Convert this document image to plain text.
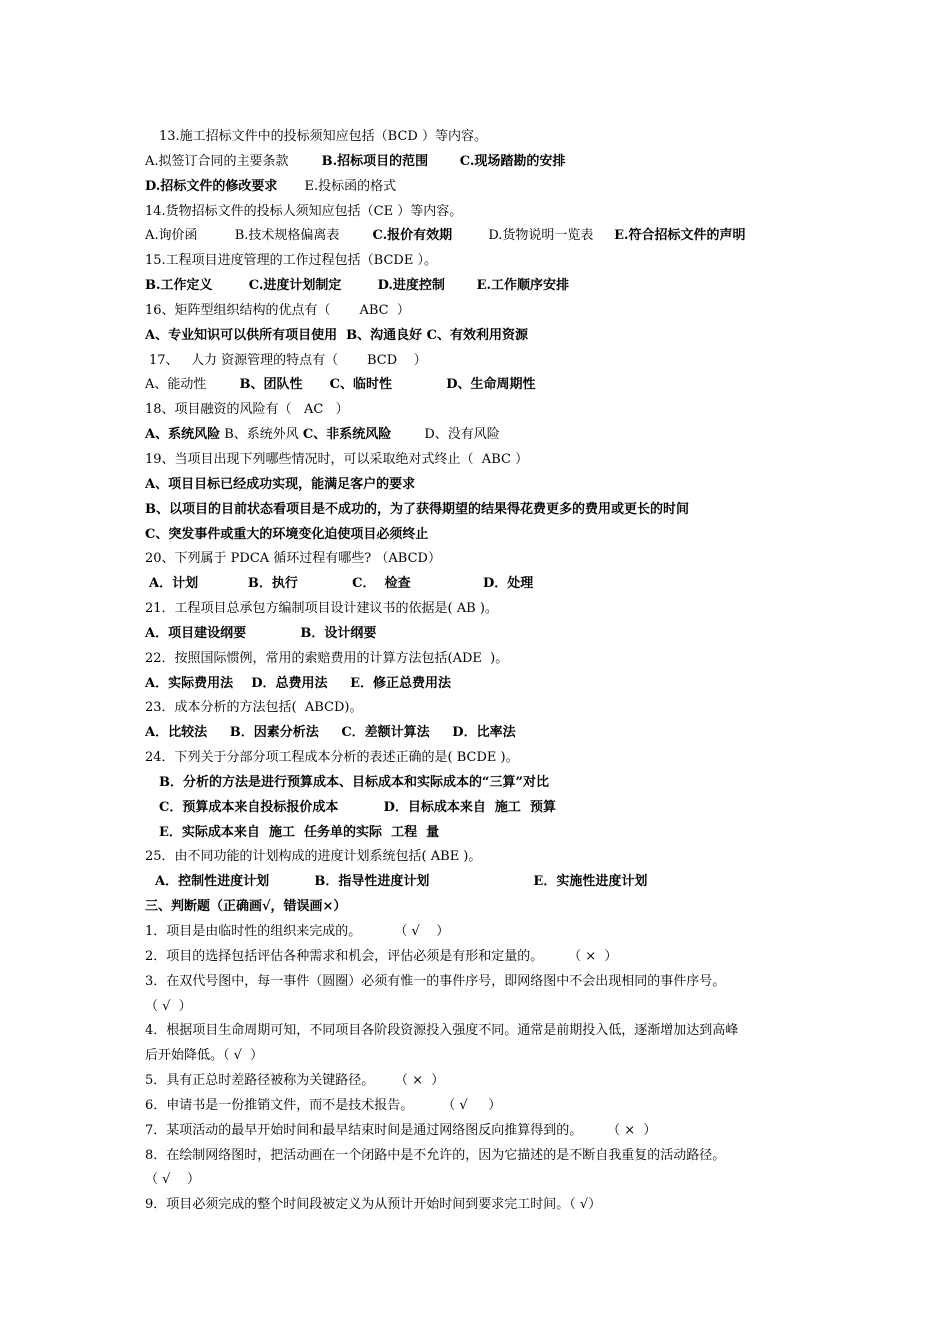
13.施工招标文件中的投标须知应包括（BCD ）等内容。
A.拟签订合同的主要条款        B.招标项目的范围       C.现场踏勘的安排
D.招标文件的修改要求      E.投标函的格式
14.货物招标文件的投标人须知应包括（CE ）等内容。
A.询价函         B.技术规格偏离表        C.报价有效期        D.货物说明一览表     E.符合招标文件的声明
15.工程项目进度管理的工作过程包括（BCDE ）。
B.工作定义        C.进度计划制定        D.进度控制       E.工作顺序安排
16、矩阵型组织结构的优点有（       ABC  ）
A、专业知识可以供所有项目使用  B、沟通良好 C、有效利用资源
17、   人力 资源管理的特点有（       BCD    ）
A、能动性        B、团队性      C、临时性            D、生命周期性
18、项目融资的风险有（   AC   ）
A、系统风险 B、系统外风 C、非系统风险        D、没有风险
19、当项目出现下列哪些情况时，可以采取绝对式终止（  ABC ）
A、项目目标已经成功实现，能满足客户的要求
B、以项目的目前状态看项目是不成功的，为了获得期望的结果得花费更多的费用或更长的时间
C、突发事件或重大的环境变化迫使项目必须终止
20、下列属于 PDCA 循环过程有哪些? （ABCD）
A．计划           B．执行            C．  检查                D．处理
21．工程项目总承包方编制项目设计建议书的依据是( AB )。
A．项目建设纲要            B．设计纲要
22．按照国际惯例，常用的索赔费用的计算方法包括(ADE  )。
A．实际费用法    D．总费用法     E．修正总费用法
23．成本分析的方法包括(  ABCD)。
A．比较法     B．因素分析法     C．差额计算法     D．比率法
24．下列关于分部分项工程成本分析的表述正确的是( BCDE )。
B．分析的方法是进行预算成本、目标成本和实际成本的“三算”对比
C．预算成本来自投标报价成本          D．目标成本来自  施工  预算
E．实际成本来自  施工  任务单的实际  工程  量
25．由不同功能的计划构成的进度计划系统包括( ABE )。
A．控制性进度计划          B．指导性进度计划                       E．实施性进度计划
三、判断题（正确画√，错误画×）
1．项目是由临时性的组织来完成的。        （ √    ）
2．项目的选择包括评估各种需求和机会，评估必须是有形和定量的。      （ ×  ）
3．在双代号图中，每一事件（圆圈）必须有惟一的事件序号，即网络图中不会出现相同的事件序号。
（ √  ）
4．根据项目生命周期可知，不同项目各阶段资源投入强度不同。通常是前期投入低，逐渐增加达到高峰
后开始降低。（ √  ）
5．具有正总时差路径被称为关键路径。     （ ×  ）
6．申请书是一份推销文件，而不是技术报告。       （ √     ）
7．某项活动的最早开始时间和最早结束时间是通过网络图反向推算得到的。      （ ×  ）
8．在绘制网络图时，把活动画在一个闭路中是不允许的，因为它描述的是不断自我重复的活动路径。
（ √    ）
9．项目必须完成的整个时间段被定义为从预计开始时间到要求完工时间。（ √）
